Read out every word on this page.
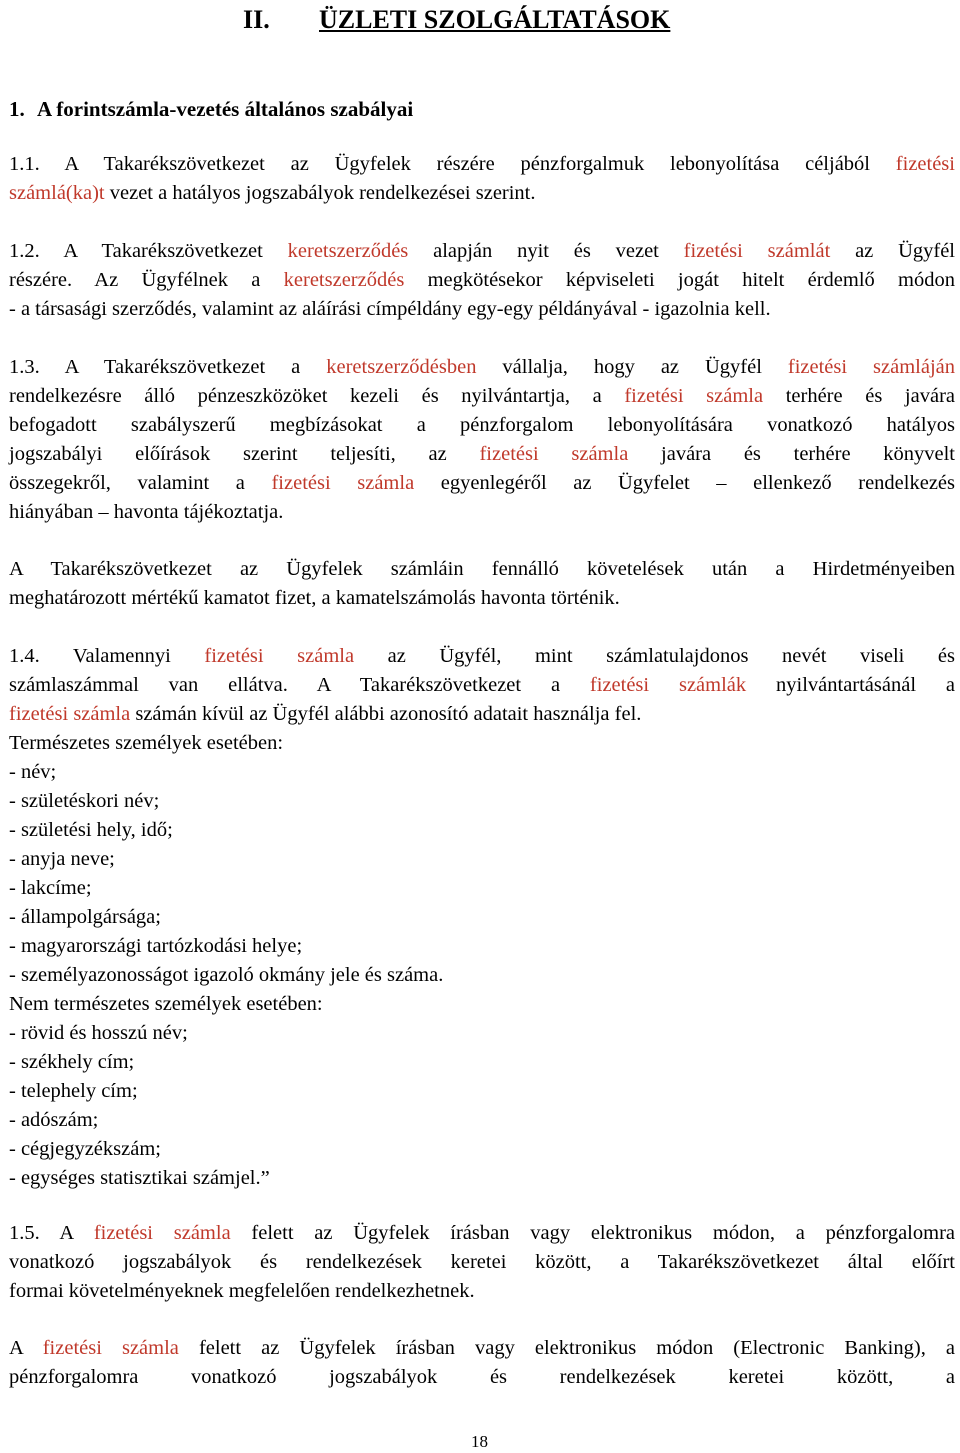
II. ÜZLETI SZOLGÁLTATÁSOK
1. A forintszámla-vezetés általános szabályai
1.1. A Takarékszövetkezet az Ügyfelek részére pénzforgalmuk lebonyolítása céljából fizetési
számlá(ka)t vezet a hatályos jogszabályok rendelkezései szerint.
1.2. A Takarékszövetkezet keretszerződés alapján nyit és vezet fizetési számlát az Ügyfél
részére. Az Ügyfélnek a keretszerződés megkötésekor képviseleti jogát hitelt érdemlő módon
- a társasági szerződés, valamint az aláírási címpéldány egy-egy példányával - igazolnia kell.
1.3. A Takarékszövetkezet a keretszerződésben vállalja, hogy az Ügyfél fizetési számláján
rendelkezésre álló pénzeszközöket kezeli és nyilvántartja, a fizetési számla terhére és javára
befogadott szabályszerű megbízásokat a pénzforgalom lebonyolítására vonatkozó hatályos
jogszabályi előírások szerint teljesíti, az fizetési számla javára és terhére könyvelt
összegekről, valamint a fizetési számla egyenlegéről az Ügyfelet – ellenkező rendelkezés
hiányában – havonta tájékoztatja.
A Takarékszövetkezet az Ügyfelek számláin fennálló követelések után a Hirdetményeiben
meghatározott mértékű kamatot fizet, a kamatelszámolás havonta történik.
1.4. Valamennyi fizetési számla az Ügyfél, mint számlatulajdonos nevét viseli és
számlaszámmal van ellátva. A Takarékszövetkezet a fizetési számlák nyilvántartásánál a
fizetési számla számán kívül az Ügyfél alábbi azonosító adatait használja fel.
Természetes személyek esetében:
- név;
- születéskori név;
- születési hely, idő;
- anyja neve;
- lakcíme;
- állampolgársága;
- magyarországi tartózkodási helye;
- személyazonosságot igazoló okmány jele és száma.
Nem természetes személyek esetében:
- rövid és hosszú név;
- székhely cím;
- telephely cím;
- adószám;
- cégjegyzékszám;
- egységes statisztikai számjel.”
1.5. A fizetési számla felett az Ügyfelek írásban vagy elektronikus módon, a pénzforgalomra
vonatkozó jogszabályok és rendelkezések keretei között, a Takarékszövetkezet által előírt
formai követelményeknek megfelelően rendelkezhetnek.
A fizetési számla felett az Ügyfelek írásban vagy elektronikus módon (Electronic Banking), a
pénzforgalomra vonatkozó jogszabályok és rendelkezések keretei között, a
18
